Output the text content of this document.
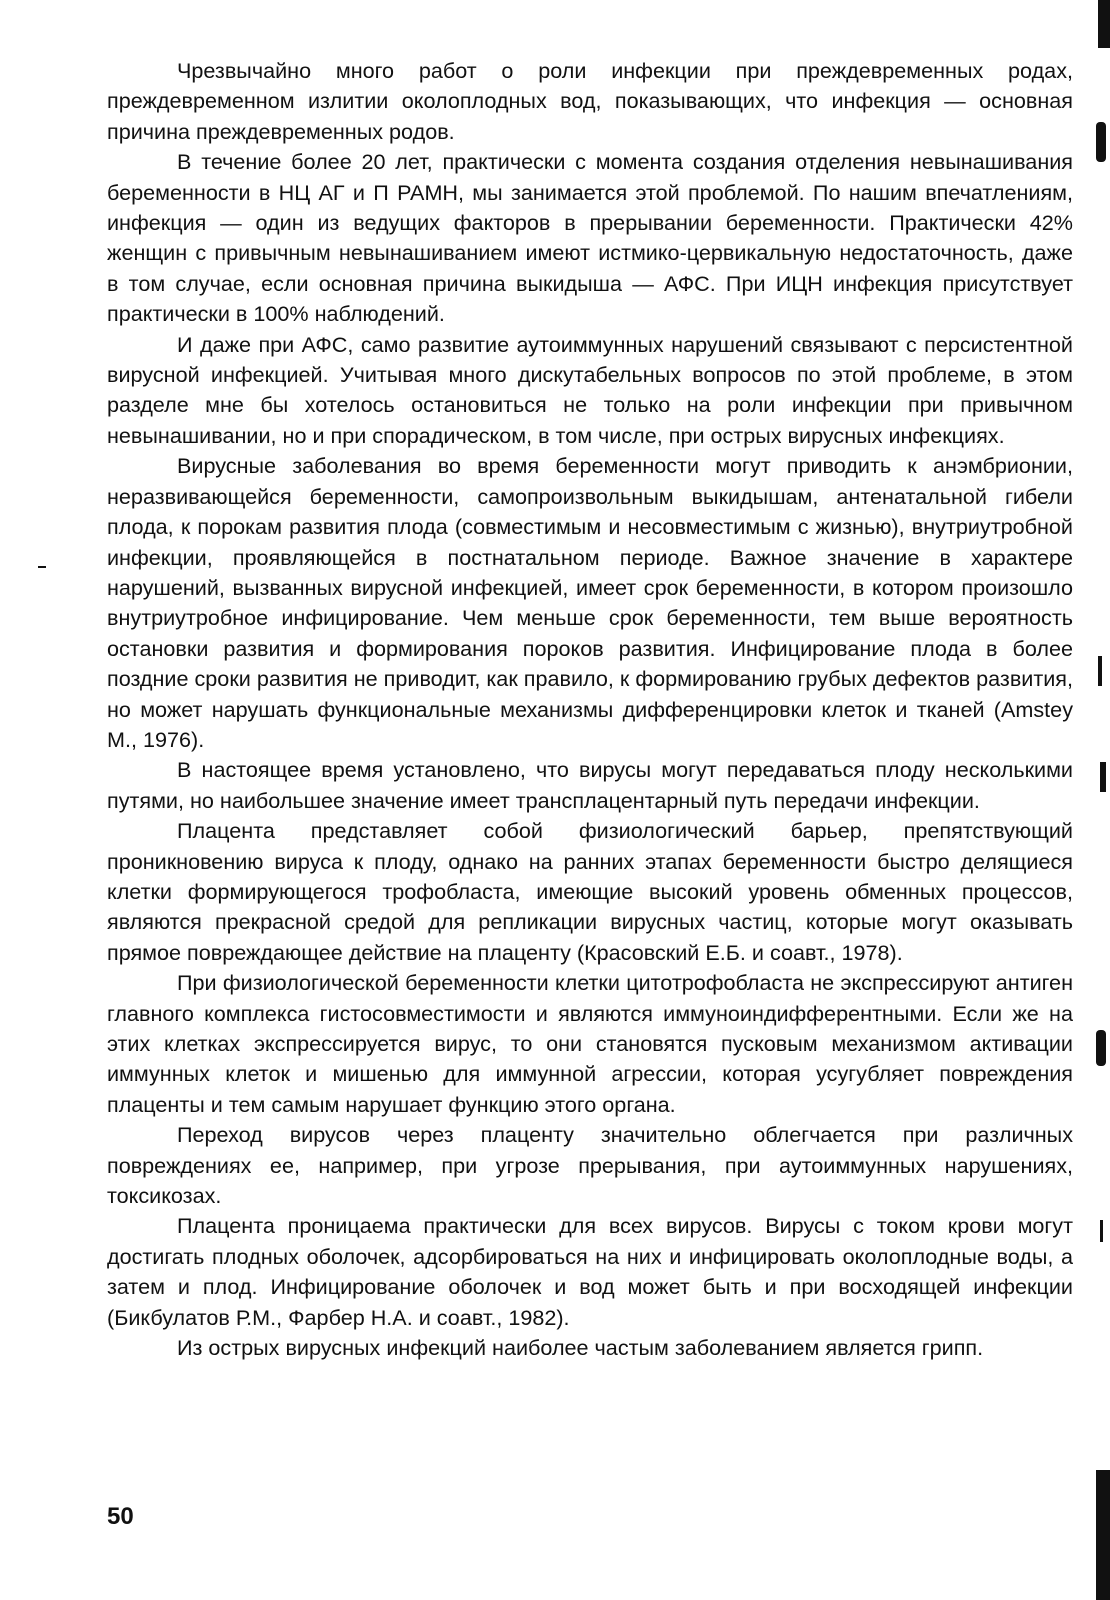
Чрезвычайно много работ о роли инфекции при преждевременных родах, преждевременном излитии околоплодных вод, показывающих, что инфекция — основная причина преждевременных родов.

В течение более 20 лет, практически с момента создания отделения невынашивания беременности в НЦ АГ и П РАМН, мы занимается этой проблемой. По нашим впечатлениям, инфекция — один из ведущих факторов в прерывании беременности. Практически 42% женщин с привычным невынашиванием имеют истмико-цервикальную недостаточность, даже в том случае, если основная причина выкидыша — АФС. При ИЦН инфекция присутствует практически в 100% наблюдений.

И даже при АФС, само развитие аутоиммунных нарушений связывают с персистентной вирусной инфекцией. Учитывая много дискутабельных вопросов по этой проблеме, в этом разделе мне бы хотелось остановиться не только на роли инфекции при привычном невынашивании, но и при спорадическом, в том числе, при острых вирусных инфекциях.

Вирусные заболевания во время беременности могут приводить к анэмбрионии, неразвивающейся беременности, самопроизвольным выкидышам, антенатальной гибели плода, к порокам развития плода (совместимым и несовместимым с жизнью), внутриутробной инфекции, проявляющейся в постнатальном периоде. Важное значение в характере нарушений, вызванных вирусной инфекцией, имеет срок беременности, в котором произошло внутриутробное инфицирование. Чем меньше срок беременности, тем выше вероятность остановки развития и формирования пороков развития. Инфицирование плода в более поздние сроки развития не приводит, как правило, к формированию грубых дефектов развития, но может нарушать функциональные механизмы дифференцировки клеток и тканей (Amstey M., 1976).

В настоящее время установлено, что вирусы могут передаваться плоду несколькими путями, но наибольшее значение имеет трансплацентарный путь передачи инфекции.

Плацента представляет собой физиологический барьер, препятствующий проникновению вируса к плоду, однако на ранних этапах беременности быстро делящиеся клетки формирующегося трофобласта, имеющие высокий уровень обменных процессов, являются прекрасной средой для репликации вирусных частиц, которые могут оказывать прямое повреждающее действие на плаценту (Красовский Е.Б. и соавт., 1978).

При физиологической беременности клетки цитотрофобласта не экспрессируют антиген главного комплекса гистосовместимости и являются иммуноиндифферентными. Если же на этих клетках экспрессируется вирус, то они становятся пусковым механизмом активации иммунных клеток и мишенью для иммунной агрессии, которая усугубляет повреждения плаценты и тем самым нарушает функцию этого органа.

Переход вирусов через плаценту значительно облегчается при различных повреждениях ее, например, при угрозе прерывания, при аутоиммунных нарушениях, токсикозах.

Плацента проницаема практически для всех вирусов. Вирусы с током крови могут достигать плодных оболочек, адсорбироваться на них и инфицировать околоплодные воды, а затем и плод. Инфицирование оболочек и вод может быть и при восходящей инфекции (Бикбулатов Р.М., Фарбер Н.А. и соавт., 1982).

Из острых вирусных инфекций наиболее частым заболеванием является грипп.

50
